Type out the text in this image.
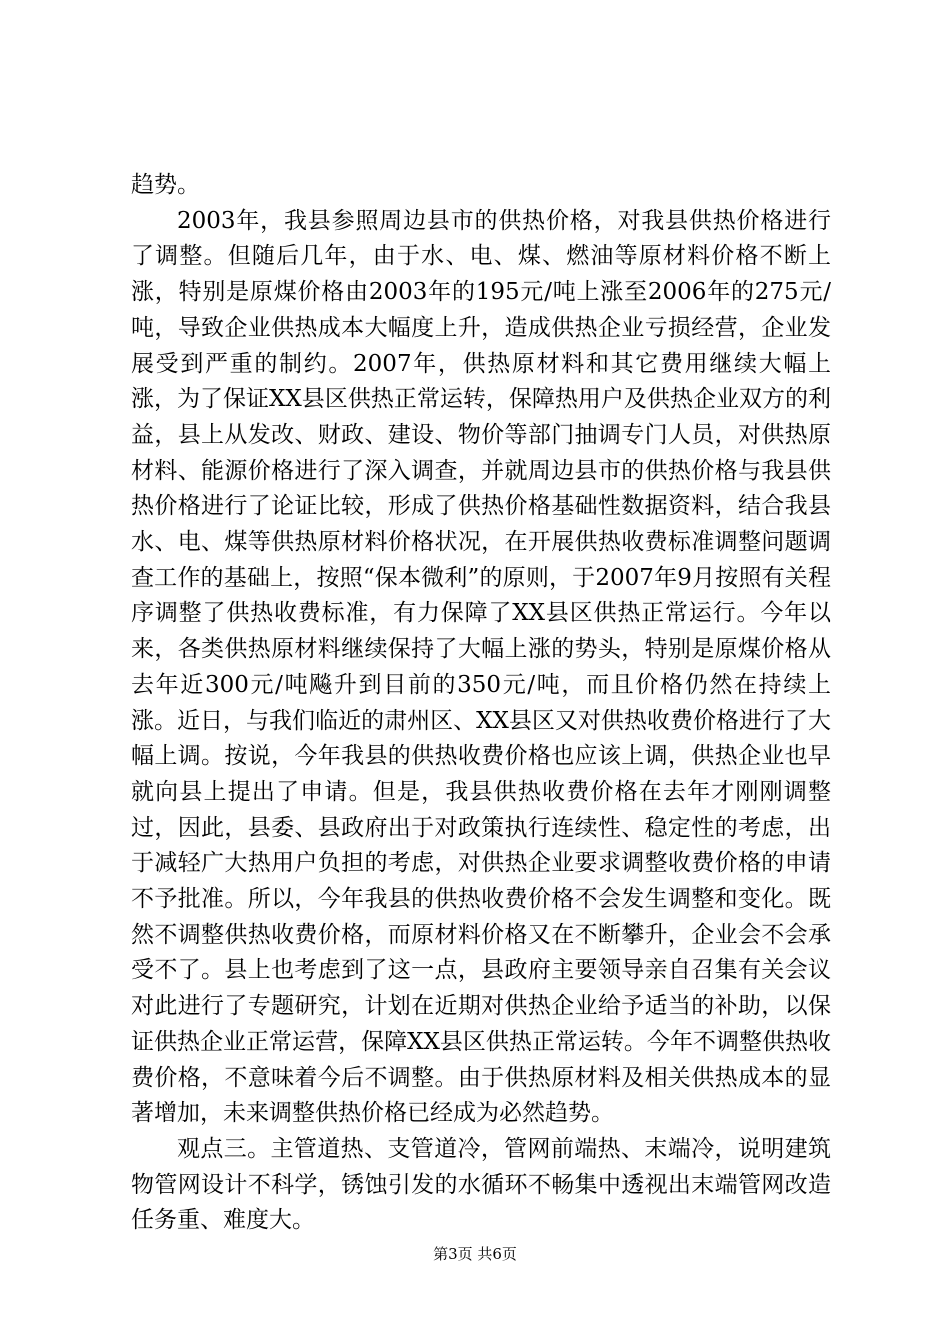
趋势。

2003年，我县参照周边县市的供热价格，对我县供热价格进行了调整。但随后几年，由于水、电、煤、燃油等原材料价格不断上涨，特别是原煤价格由2003年的195元/吨上涨至2006年的275元/吨，导致企业供热成本大幅度上升，造成供热企业亏损经营，企业发展受到严重的制约。2007年，供热原材料和其它费用继续大幅上涨，为了保证XX县区供热正常运转，保障热用户及供热企业双方的利益，县上从发改、财政、建设、物价等部门抽调专门人员，对供热原材料、能源价格进行了深入调查，并就周边县市的供热价格与我县供热价格进行了论证比较，形成了供热价格基础性数据资料，结合我县水、电、煤等供热原材料价格状况，在开展供热收费标准调整问题调查工作的基础上，按照“保本微利”的原则，于2007年9月按照有关程序调整了供热收费标准，有力保障了XX县区供热正常运行。今年以来，各类供热原材料继续保持了大幅上涨的势头，特别是原煤价格从去年近300元/吨飚升到目前的350元/吨，而且价格仍然在持续上涨。近日，与我们临近的肃州区、XX县区又对供热收费价格进行了大幅上调。按说，今年我县的供热收费价格也应该上调，供热企业也早就向县上提出了申请。但是，我县供热收费价格在去年才刚刚调整过，因此，县委、县政府出于对政策执行连续性、稳定性的考虑，出于减轻广大热用户负担的考虑，对供热企业要求调整收费价格的申请不予批准。所以，今年我县的供热收费价格不会发生调整和变化。既然不调整供热收费价格，而原材料价格又在不断攀升，企业会不会承受不了。县上也考虑到了这一点，县政府主要领导亲自召集有关会议对此进行了专题研究，计划在近期对供热企业给予适当的补助，以保证供热企业正常运营，保障XX县区供热正常运转。今年不调整供热收费价格，不意味着今后不调整。由于供热原材料及相关供热成本的显著增加，未来调整供热价格已经成为必然趋势。

观点三。主管道热、支管道冷，管网前端热、末端冷，说明建筑物管网设计不科学，锈蚀引发的水循环不畅集中透视出末端管网改造任务重、难度大。

第3页 共6页
